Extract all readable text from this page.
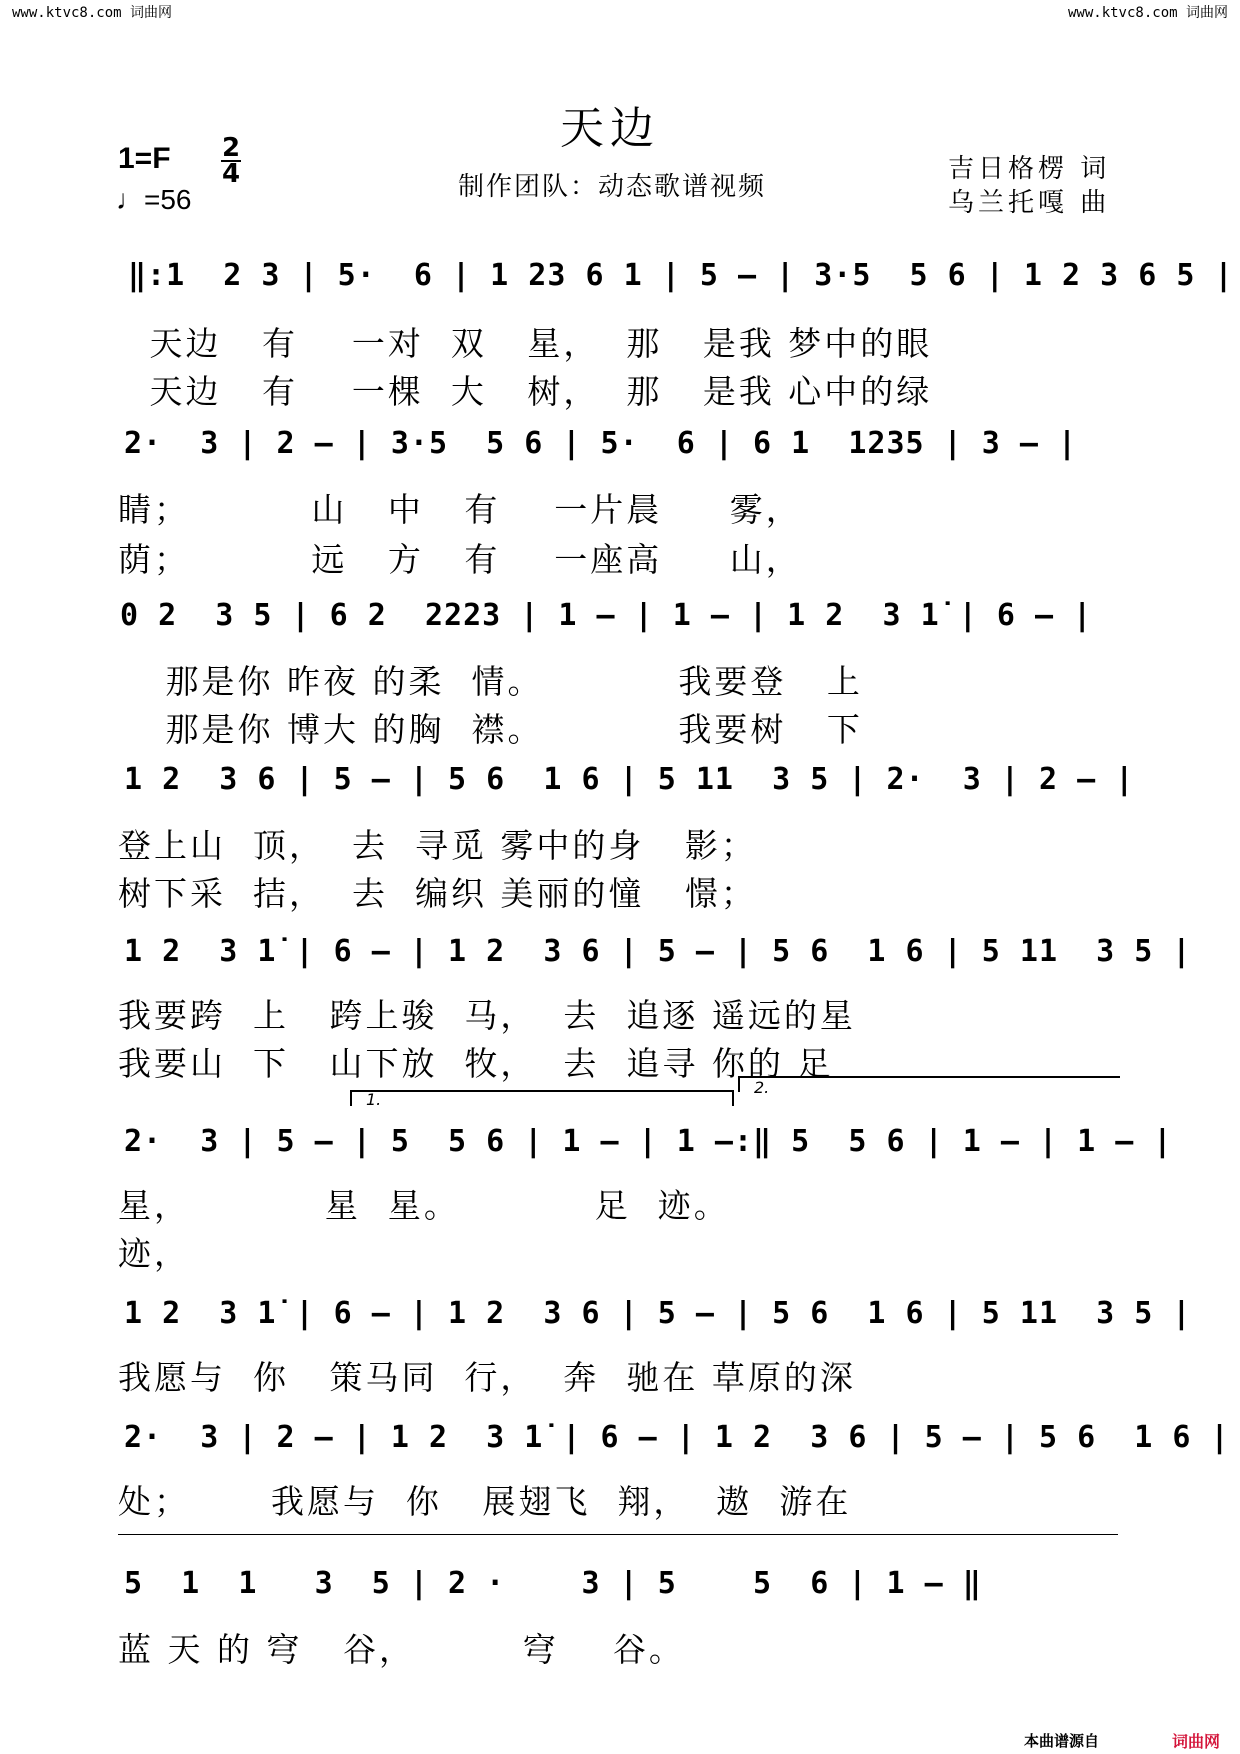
www.ktvc8.com 词曲网	www.ktvc8.com 词曲网
天边
1=F 2
4
♩=56	制作团队：动态歌谱视频
吉日格楞 词
乌兰托嘎 曲
‖:1  2 3 | 5·  6 | 1 23 6 1 | 5 – | 3·5  5 6 | 1 2 3 6 5 |
天边   有    一对  双   星，  那   是我 梦中的眼
天边   有    一棵  大   树，  那   是我 心中的绿
2·  3 | 2 – | 3·5  5 6 | 5·  6 | 6 1  1235 | 3 – |
睛；         山   中   有    一片晨     雾，
荫；         远   方   有    一座高     山，
0 2  3 5 | 6 2  2223 | 1 – | 1 – | 1 2  3 1̇ | 6 – |
那是你 昨夜 的柔  情。          我要登   上
那是你 博大 的胸  襟。          我要树   下
1 2  3 6 | 5 – | 5 6  1 6 | 5 11  3 5 | 2·  3 | 2 – |
登上山  顶，  去  寻觅 雾中的身   影；
树下采  拮，  去  编织 美丽的憧   憬；
1 2  3 1̇ | 6 – | 1 2  3 6 | 5 – | 5 6  1 6 | 5 11  3 5 |
我要跨  上   跨上骏  马，  去  追逐 遥远的星
我要山  下   山下放  牧，  去  追寻 你的 足
1.
2.
2·  3 | 5 – | 5  5 6 | 1 – | 1 –:‖ 5  5 6 | 1 – | 1 – |
星，          星  星。          足  迹。
迹，
1 2  3 1̇ | 6 – | 1 2  3 6 | 5 – | 5 6  1 6 | 5 11  3 5 |
我愿与  你   策马同  行，  奔  驰在 草原的深
2·  3 | 2 – | 1 2  3 1̇ | 6 – | 1 2  3 6 | 5 – | 5 6  1 6 |
处；      我愿与  你   展翅飞  翔，  遨  游在
5  1  1   3  5 | 2 ·    3 | 5    5  6 | 1 – ‖
蓝 天 的 穹   谷，        穹    谷。
本曲谱源自	词曲网
